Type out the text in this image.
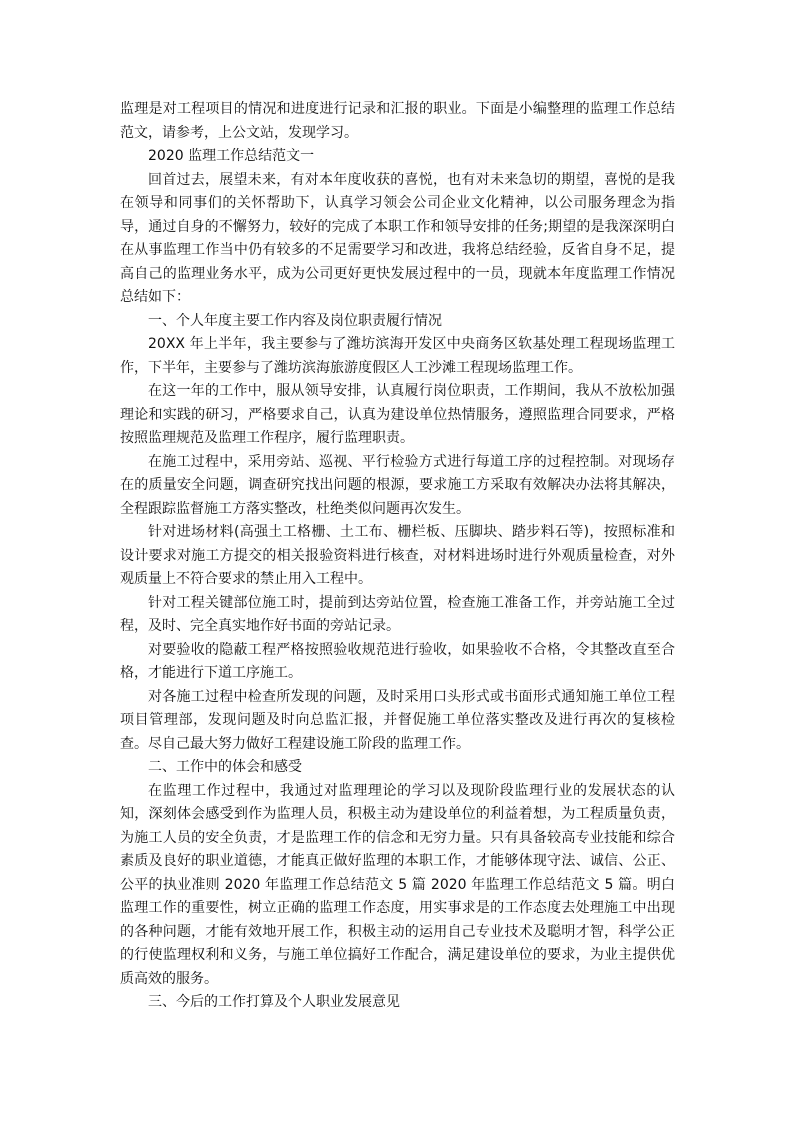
监理是对工程项目的情况和进度进行记录和汇报的职业。下面是小编整理的监理工作总结范文，请参考，上公文站，发现学习。

2020 监理工作总结范文一

回首过去，展望未来，有对本年度收获的喜悦，也有对未来急切的期望，喜悦的是我在领导和同事们的关怀帮助下，认真学习领会公司企业文化精神，以公司服务理念为指导，通过自身的不懈努力，较好的完成了本职工作和领导安排的任务;期望的是我深深明白在从事监理工作当中仍有较多的不足需要学习和改进，我将总结经验，反省自身不足，提高自己的监理业务水平，成为公司更好更快发展过程中的一员，现就本年度监理工作情况总结如下：

一、个人年度主要工作内容及岗位职责履行情况

20XX 年上半年，我主要参与了潍坊滨海开发区中央商务区软基处理工程现场监理工作，下半年，主要参与了潍坊滨海旅游度假区人工沙滩工程现场监理工作。

在这一年的工作中，服从领导安排，认真履行岗位职责，工作期间，我从不放松加强理论和实践的研习，严格要求自己，认真为建设单位热情服务，遵照监理合同要求，严格按照监理规范及监理工作程序，履行监理职责。

在施工过程中，采用旁站、巡视、平行检验方式进行每道工序的过程控制。对现场存在的质量安全问题，调查研究找出问题的根源，要求施工方采取有效解决办法将其解决，全程跟踪监督施工方落实整改，杜绝类似问题再次发生。

针对进场材料(高强土工格栅、土工布、栅栏板、压脚块、踏步料石等)，按照标准和设计要求对施工方提交的相关报验资料进行核查，对材料进场时进行外观质量检查，对外观质量上不符合要求的禁止用入工程中。

针对工程关键部位施工时，提前到达旁站位置，检查施工准备工作，并旁站施工全过程，及时、完全真实地作好书面的旁站记录。

对要验收的隐蔽工程严格按照验收规范进行验收，如果验收不合格，令其整改直至合格，才能进行下道工序施工。

对各施工过程中检查所发现的问题，及时采用口头形式或书面形式通知施工单位工程项目管理部，发现问题及时向总监汇报，并督促施工单位落实整改及进行再次的复核检查。尽自己最大努力做好工程建设施工阶段的监理工作。

二、工作中的体会和感受

在监理工作过程中，我通过对监理理论的学习以及现阶段监理行业的发展状态的认知，深刻体会感受到作为监理人员，积极主动为建设单位的利益着想，为工程质量负责，为施工人员的安全负责，才是监理工作的信念和无穷力量。只有具备较高专业技能和综合素质及良好的职业道德，才能真正做好监理的本职工作，才能够体现守法、诚信、公正、公平的执业准则 2020 年监理工作总结范文 5 篇 2020 年监理工作总结范文 5 篇。明白监理工作的重要性，树立正确的监理工作态度，用实事求是的工作态度去处理施工中出现的各种问题，才能有效地开展工作，积极主动的运用自己专业技术及聪明才智，科学公正的行使监理权利和义务，与施工单位搞好工作配合，满足建设单位的要求，为业主提供优质高效的服务。

三、今后的工作打算及个人职业发展意见
